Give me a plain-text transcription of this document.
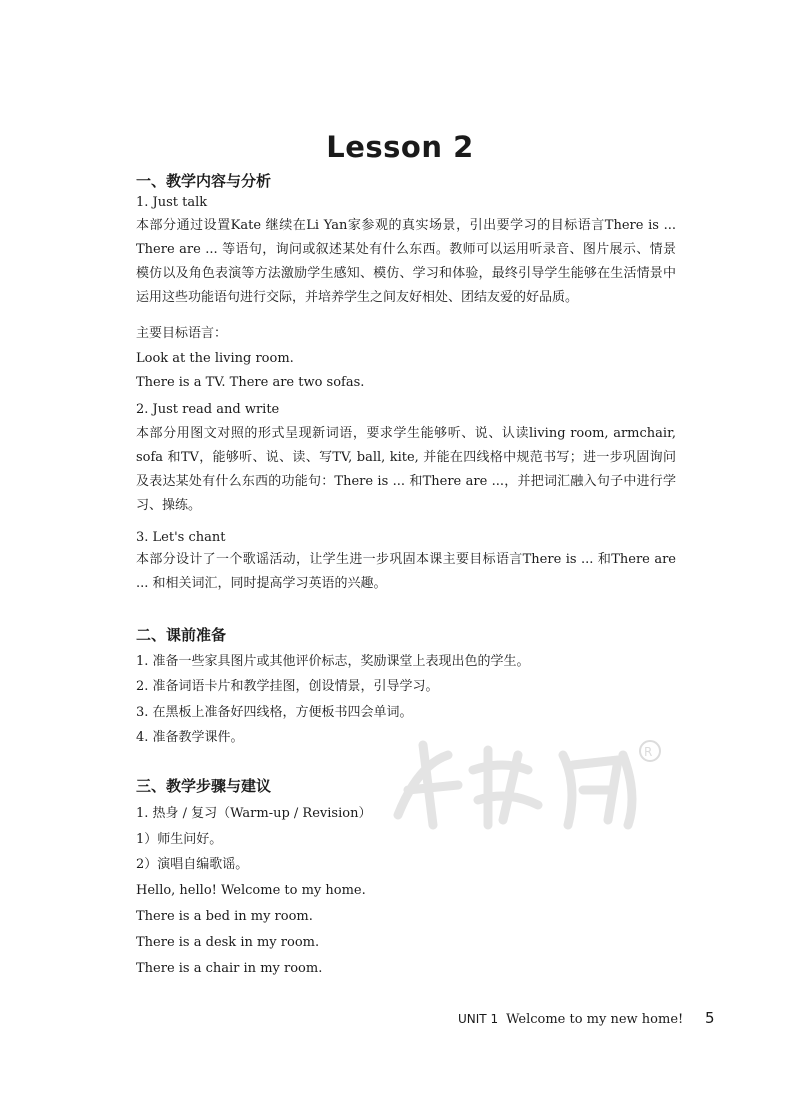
Lesson 2
一、教学内容与分析
1. Just talk
本部分通过设置Kate 继续在Li Yan家参观的真实场景，引出要学习的目标语言There is ... There are ... 等语句，询问或叙述某处有什么东西。教师可以运用听录音、图片展示、情景模仿以及角色表演等方法激励学生感知、模仿、学习和体验，最终引导学生能够在生活情景中运用这些功能语句进行交际，并培养学生之间友好相处、团结友爱的好品质。
主要目标语言：
Look at the living room.
There is a TV. There are two sofas.
2. Just read and write
本部分用图文对照的形式呈现新词语，要求学生能够听、说、认读living room, armchair, sofa 和TV，能够听、说、读、写TV, ball, kite, 并能在四线格中规范书写；进一步巩固询问及表达某处有什么东西的功能句：There is ... 和There are ...，并把词汇融入句子中进行学习、操练。
3. Let's chant
本部分设计了一个歌谣活动，让学生进一步巩固本课主要目标语言There is ... 和There are ... 和相关词汇，同时提高学习英语的兴趣。
二、课前准备
1. 准备一些家具图片或其他评价标志，奖励课堂上表现出色的学生。
2. 准备词语卡片和教学挂图，创设情景，引导学习。
3. 在黑板上准备好四线格，方便板书四会单词。
4. 准备教学课件。
R
三、教学步骤与建议
1. 热身 / 复习（Warm-up / Revision）
1）师生问好。
2）演唱自编歌谣。
Hello, hello! Welcome to my home.
There is a bed in my room.
There is a desk in my room.
There is a chair in my room.
UNIT 1 Welcome to my new home! 5
